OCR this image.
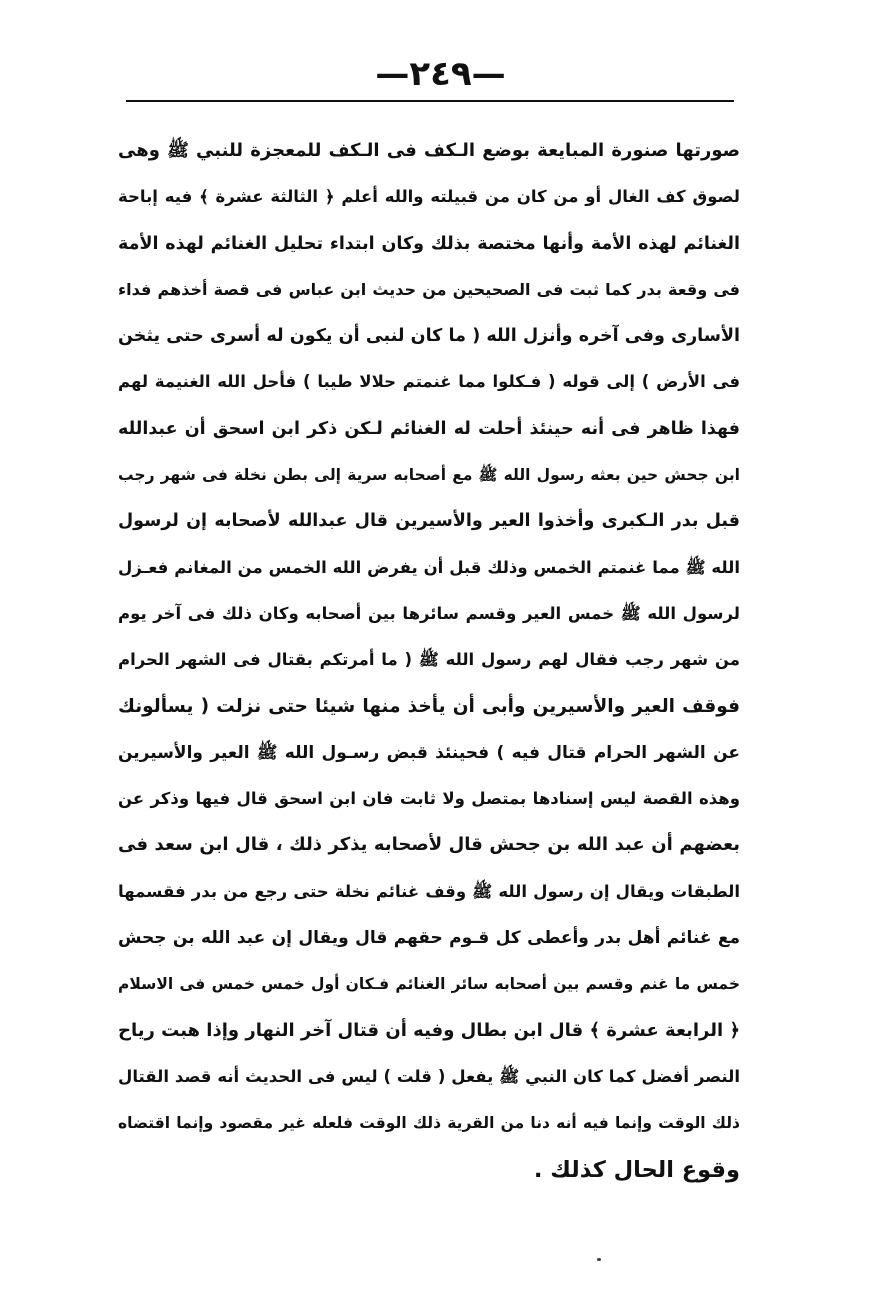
—٢٤٩—
صورتها صنورة المبايعة بوضع الـكف فى الـكف للمعجزة للنبي ﷺ وهى
لصوق كف الغال أو من كان من قبيلته والله أعلم ﴿ الثالثة عشرة ﴾ فيه إباحة
الغنائم لهذه الأمة وأنها مختصة بذلك وكان ابتداء تحليل الغنائم لهذه الأمة
فى وقعة بدر كما ثبت فى الصحيحين من حديث ابن عباس فى قصة أخذهم فداء
الأسارى وفى آخره وأنزل الله ( ما كان لنبى أن يكون له أسرى حتى يثخن
فى الأرض ) إلى قوله ( فـكلوا مما غنمتم حلالا طيبا ) فأحل الله الغنيمة لهم
فهذا ظاهر فى أنه حينئذ أحلت له الغنائم لـكن ذكر ابن اسحق أن عبدالله
ابن جحش حين بعثه رسول الله ﷺ مع أصحابه سرية إلى بطن نخلة فى شهر رجب
قبل بدر الـكبرى وأخذوا العير والأسيرين قال عبدالله لأصحابه إن لرسول
الله ﷺ مما غنمتم الخمس وذلك قبل أن يفرض الله الخمس من المغانم فعـزل
لرسول الله ﷺ خمس العير وقسم سائرها بين أصحابه وكان ذلك فى آخر يوم
من شهر رجب فقال لهم رسول الله ﷺ ( ما أمرتكم بقتال فى الشهر الحرام
فوقف العير والأسيرين وأبى أن يأخذ منها شيئا حتى نزلت ( يسألونك
عن الشهر الحرام قتال فيه ) فحينئذ قبض رسـول الله ﷺ العير والأسيرين
وهذه القصة ليس إسنادها بمتصل ولا ثابت فان ابن اسحق قال فيها وذكر عن
بعضهم أن عبد الله بن جحش قال لأصحابه يذكر ذلك ، قال ابن سعد فى
الطبقات ويقال إن رسول الله ﷺ وقف غنائم نخلة حتى رجع من بدر فقسمها
مع غنائم أهل بدر وأعطى كل قـوم حقهم قال ويقال إن عبد الله بن جحش
خمس ما غنم وقسم بين أصحابه سائر الغنائم فـكان أول خمس خمس فى الاسلام
﴿ الرابعة عشرة ﴾ قال ابن بطال وفيه أن قتال آخر النهار وإذا هبت رياح
النصر أفضل كما كان النبي ﷺ يفعل ( قلت ) ليس فى الحديث أنه قصد القتال
ذلك الوقت وإنما فيه أنه دنا من القرية ذلك الوقت فلعله غير مقصود وإنما اقتضاه
وقوع الحال كذلك .
